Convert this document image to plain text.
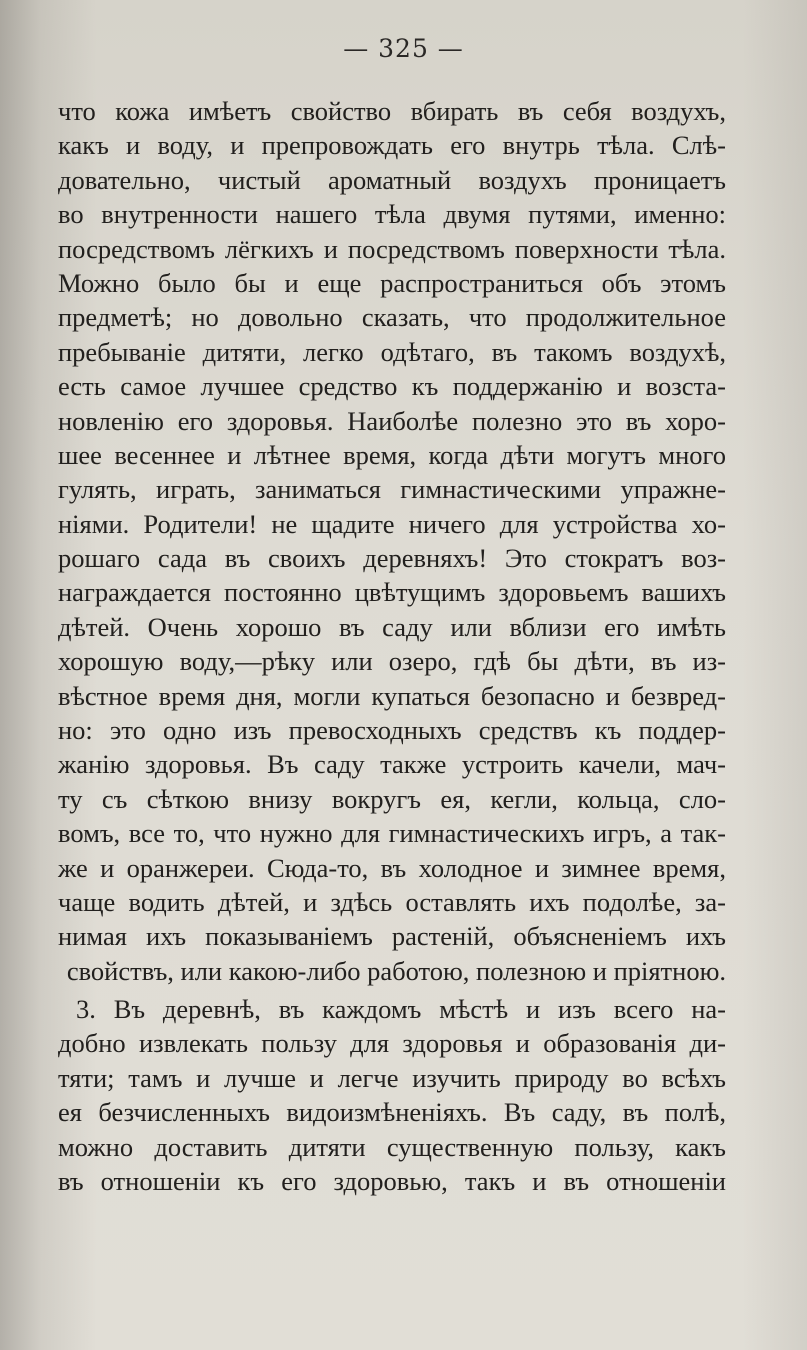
— 325 —
что кожа имѣетъ свойство вбирать въ себя воздухъ,
какъ и воду, и препровождать его внутрь тѣла. Слѣ-
довательно, чистый ароматный воздухъ проницаетъ
во внутренности нашего тѣла двумя путями, именно:
посредствомъ лёгкихъ и посредствомъ поверхности тѣла.
Можно было бы и еще распространиться объ этомъ
предметѣ; но довольно сказать, что продолжительное
пребываніе дитяти, легко одѣтаго, въ такомъ воздухѣ,
есть самое лучшее средство къ поддержанію и возста-
новленію его здоровья. Наиболѣе полезно это въ хоро-
шее весеннее и лѣтнее время, когда дѣти могутъ много
гулять, играть, заниматься гимнастическими упражне-
ніями. Родители! не щадите ничего для устройства хо-
рошаго сада въ своихъ деревняхъ! Это стократъ воз-
награждается постоянно цвѣтущимъ здоровьемъ вашихъ
дѣтей. Очень хорошо въ саду или вблизи его имѣть
хорошую воду,—рѣку или озеро, гдѣ бы дѣти, въ из-
вѣстное время дня, могли купаться безопасно и безвред-
но: это одно изъ превосходныхъ средствъ къ поддер-
жанію здоровья. Въ саду также устроить качели, мач-
ту съ сѣткою внизу вокругъ ея, кегли, кольца, сло-
вомъ, все то, что нужно для гимнастическихъ игръ, а так-
же и оранжереи. Сюда-то, въ холодное и зимнее время,
чаще водить дѣтей, и здѣсь оставлять ихъ подолѣе, за-
нимая ихъ показываніемъ растеній, объясненіемъ ихъ
свойствъ, или какою-либо работою, полезною и пріятною.
3. Въ деревнѣ, въ каждомъ мѣстѣ и изъ всего на-
добно извлекать пользу для здоровья и образованія ди-
тяти; тамъ и лучше и легче изучить природу во всѣхъ
ея безчисленныхъ видоизмѣненіяхъ. Въ саду, въ полѣ,
можно доставить дитяти существенную пользу, какъ
въ отношеніи къ его здоровью, такъ и въ отношеніи
